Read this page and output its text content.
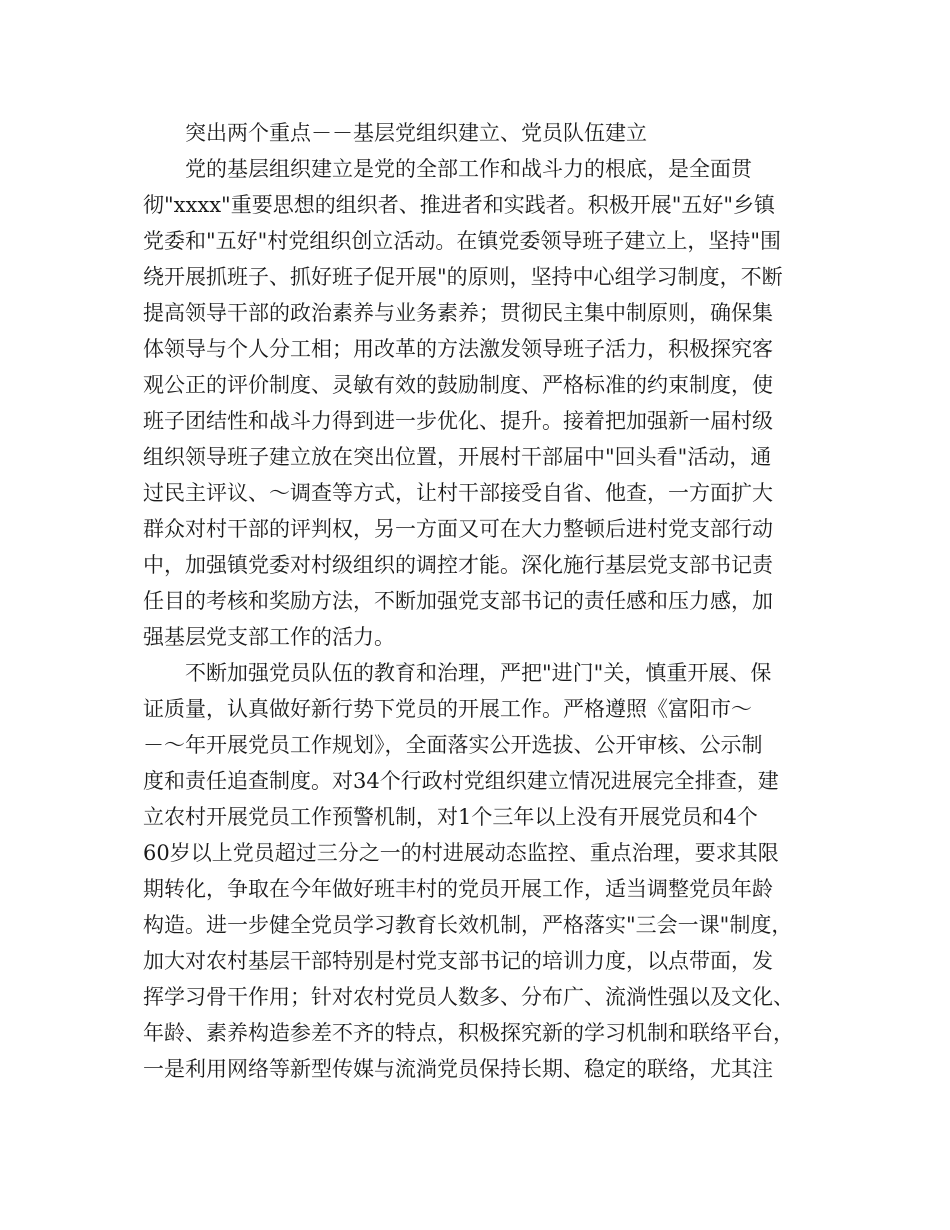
突出两个重点－－基层党组织建立、党员队伍建立

党的基层组织建立是党的全部工作和战斗力的根底，是全面贯

彻"xxxx"重要思想的组织者、推进者和实践者。积极开展"五好"乡镇

党委和"五好"村党组织创立活动。在镇党委领导班子建立上，坚持"围

绕开展抓班子、抓好班子促开展"的原则，坚持中心组学习制度，不断

提高领导干部的政治素养与业务素养；贯彻民主集中制原则，确保集

体领导与个人分工相；用改革的方法激发领导班子活力，积极探究客

观公正的评价制度、灵敏有效的鼓励制度、严格标准的约束制度，使

班子团结性和战斗力得到进一步优化、提升。接着把加强新一届村级

组织领导班子建立放在突出位置，开展村干部届中"回头看"活动，通

过民主评议、～调查等方式，让村干部接受自省、他查，一方面扩大

群众对村干部的评判权，另一方面又可在大力整顿后进村党支部行动

中，加强镇党委对村级组织的调控才能。深化施行基层党支部书记责

任目的考核和奖励方法，不断加强党支部书记的责任感和压力感，加

强基层党支部工作的活力。

不断加强党员队伍的教育和治理，严把"进门"关，慎重开展、保

证质量，认真做好新行势下党员的开展工作。严格遵照《富阳市～

－～年开展党员工作规划》，全面落实公开选拔、公开审核、公示制

度和责任追查制度。对34个行政村党组织建立情况进展完全排查，建

立农村开展党员工作预警机制，对1个三年以上没有开展党员和4个

60岁以上党员超过三分之一的村进展动态监控、重点治理，要求其限

期转化，争取在今年做好班丰村的党员开展工作，适当调整党员年龄

构造。进一步健全党员学习教育长效机制，严格落实"三会一课"制度，

加大对农村基层干部特别是村党支部书记的培训力度，以点带面，发

挥学习骨干作用；针对农村党员人数多、分布广、流淌性强以及文化、

年龄、素养构造参差不齐的特点，积极探究新的学习机制和联络平台，

一是利用网络等新型传媒与流淌党员保持长期、稳定的联络，尤其注
